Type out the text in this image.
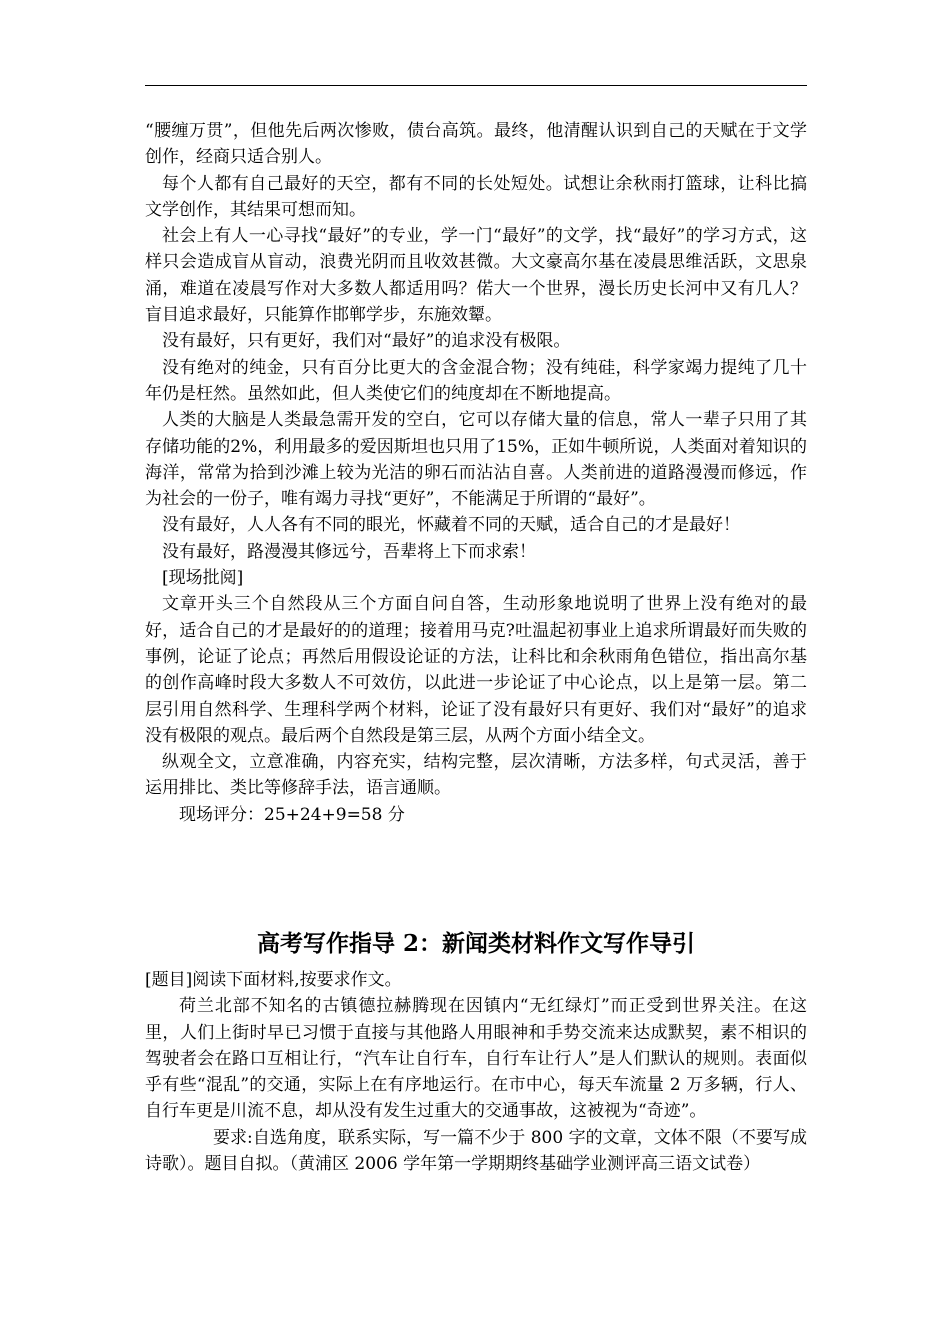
“腰缠万贯”，但他先后两次惨败，债台高筑。最终，他清醒认识到自己的天赋在于文学创作，经商只适合别人。

每个人都有自己最好的天空，都有不同的长处短处。试想让余秋雨打篮球，让科比搞文学创作，其结果可想而知。

社会上有人一心寻找“最好”的专业，学一门“最好”的文学，找“最好”的学习方式，这样只会造成盲从盲动，浪费光阴而且收效甚微。大文豪高尔基在凌晨思维活跃，文思泉涌，难道在凌晨写作对大多数人都适用吗？偌大一个世界，漫长历史长河中又有几人？盲目追求最好，只能算作邯郸学步，东施效颦。

没有最好，只有更好，我们对“最好”的追求没有极限。

没有绝对的纯金，只有百分比更大的含金混合物；没有纯硅，科学家竭力提纯了几十年仍是枉然。虽然如此，但人类使它们的纯度却在不断地提高。

人类的大脑是人类最急需开发的空白，它可以存储大量的信息，常人一辈子只用了其存储功能的2%，利用最多的爱因斯坦也只用了15%，正如牛顿所说，人类面对着知识的海洋，常常为拾到沙滩上较为光洁的卵石而沾沾自喜。人类前进的道路漫漫而修远，作为社会的一份子，唯有竭力寻找“更好”，不能满足于所谓的“最好”。

没有最好，人人各有不同的眼光，怀藏着不同的天赋，适合自己的才是最好！

没有最好，路漫漫其修远兮，吾辈将上下而求索！

[现场批阅]

文章开头三个自然段从三个方面自问自答，生动形象地说明了世界上没有绝对的最好，适合自己的才是最好的的道理；接着用马克?吐温起初事业上追求所谓最好而失败的事例，论证了论点；再然后用假设论证的方法，让科比和余秋雨角色错位，指出高尔基的创作高峰时段大多数人不可效仿，以此进一步论证了中心论点，以上是第一层。第二层引用自然科学、生理科学两个材料，论证了没有最好只有更好、我们对“最好”的追求没有极限的观点。最后两个自然段是第三层，从两个方面小结全文。

纵观全文，立意准确，内容充实，结构完整，层次清晰，方法多样，句式灵活，善于运用排比、类比等修辞手法，语言通顺。

现场评分：25+24+9=58 分

高考写作指导 2：新闻类材料作文写作导引

[题目]阅读下面材料,按要求作文。

荷兰北部不知名的古镇德拉赫腾现在因镇内“无红绿灯”而正受到世界关注。在这里，人们上街时早已习惯于直接与其他路人用眼神和手势交流来达成默契，素不相识的驾驶者会在路口互相让行，“汽车让自行车，自行车让行人”是人们默认的规则。表面似乎有些“混乱”的交通，实际上在有序地运行。在市中心，每天车流量 2 万多辆，行人、自行车更是川流不息，却从没有发生过重大的交通事故，这被视为“奇迹”。

要求:自选角度，联系实际，写一篇不少于 800 字的文章，文体不限（不要写成诗歌）。题目自拟。（黄浦区 2006 学年第一学期期终基础学业测评高三语文试卷）
